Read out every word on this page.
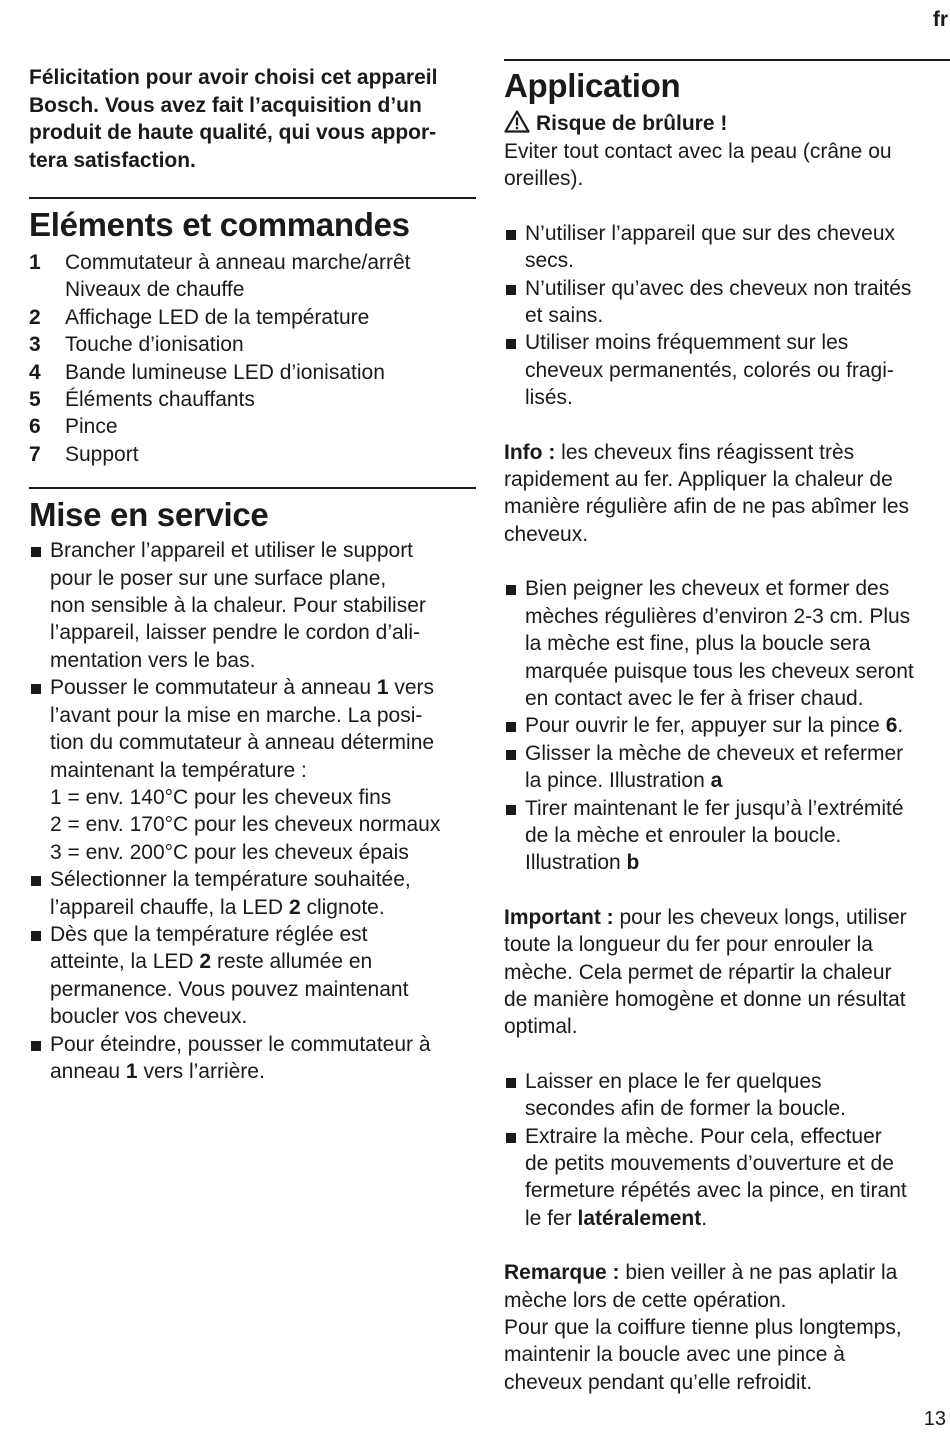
fr
Félicitation pour avoir choisi cet appareil
Bosch. Vous avez fait l’acquisition d’un
produit de haute qualité, qui vous appor-
tera satisfaction.
Eléments et commandes
1	Commutateur à anneau marche/arrêt
Niveaux de chauffe
2	Affichage LED de la température
3	Touche d’ionisation
4	Bande lumineuse LED d’ionisation
5	Éléments chauffants
6	Pince
7	Support
Mise en service
Brancher l’appareil et utiliser le support
pour le poser sur une surface plane,
non sensible à la chaleur. Pour stabiliser
l’appareil, laisser pendre le cordon d’ali-
mentation vers le bas.
Pousser le commutateur à anneau 1 vers
l’avant pour la mise en marche. La posi-
tion du commutateur à anneau détermine
maintenant la température :
1 = env. 140°C pour les cheveux fins
2 = env. 170°C pour les cheveux normaux
3 = env. 200°C pour les cheveux épais
Sélectionner la température souhaitée,
l’appareil chauffe, la LED 2 clignote.
Dès que la température réglée est
atteinte, la LED 2 reste allumée en
permanence. Vous pouvez maintenant
boucler vos cheveux.
Pour éteindre, pousser le commutateur à
anneau 1 vers l’arrière.
Application
Risque de brûlure !

Eviter tout contact avec la peau (crâne ou
oreilles).

N’utiliser l’appareil que sur des cheveux
secs.
N’utiliser qu’avec des cheveux non traités
et sains.
Utiliser moins fréquemment sur les
cheveux permanentés, colorés ou fragi-
lisés.

Info : les cheveux fins réagissent très
rapidement au fer. Appliquer la chaleur de
manière régulière afin de ne pas abîmer les
cheveux.

Bien peigner les cheveux et former des
mèches régulières d’environ 2-3 cm. Plus
la mèche est fine, plus la boucle sera
marquée puisque tous les cheveux seront
en contact avec le fer à friser chaud.
Pour ouvrir le fer, appuyer sur la pince 6.
Glisser la mèche de cheveux et refermer
la pince. Illustration a
Tirer maintenant le fer jusqu’à l’extrémité
de la mèche et enrouler la boucle.
Illustration b

Important : pour les cheveux longs, utiliser
toute la longueur du fer pour enrouler la
mèche. Cela permet de répartir la chaleur
de manière homogène et donne un résultat
optimal.

Laisser en place le fer quelques
secondes afin de former la boucle.
Extraire la mèche. Pour cela, effectuer
de petits mouvements d’ouverture et de
fermeture répétés avec la pince, en tirant
le fer latéralement.

Remarque : bien veiller à ne pas aplatir la
mèche lors de cette opération.
Pour que la coiffure tienne plus longtemps,
maintenir la boucle avec une pince à
cheveux pendant qu’elle refroidit.

13
